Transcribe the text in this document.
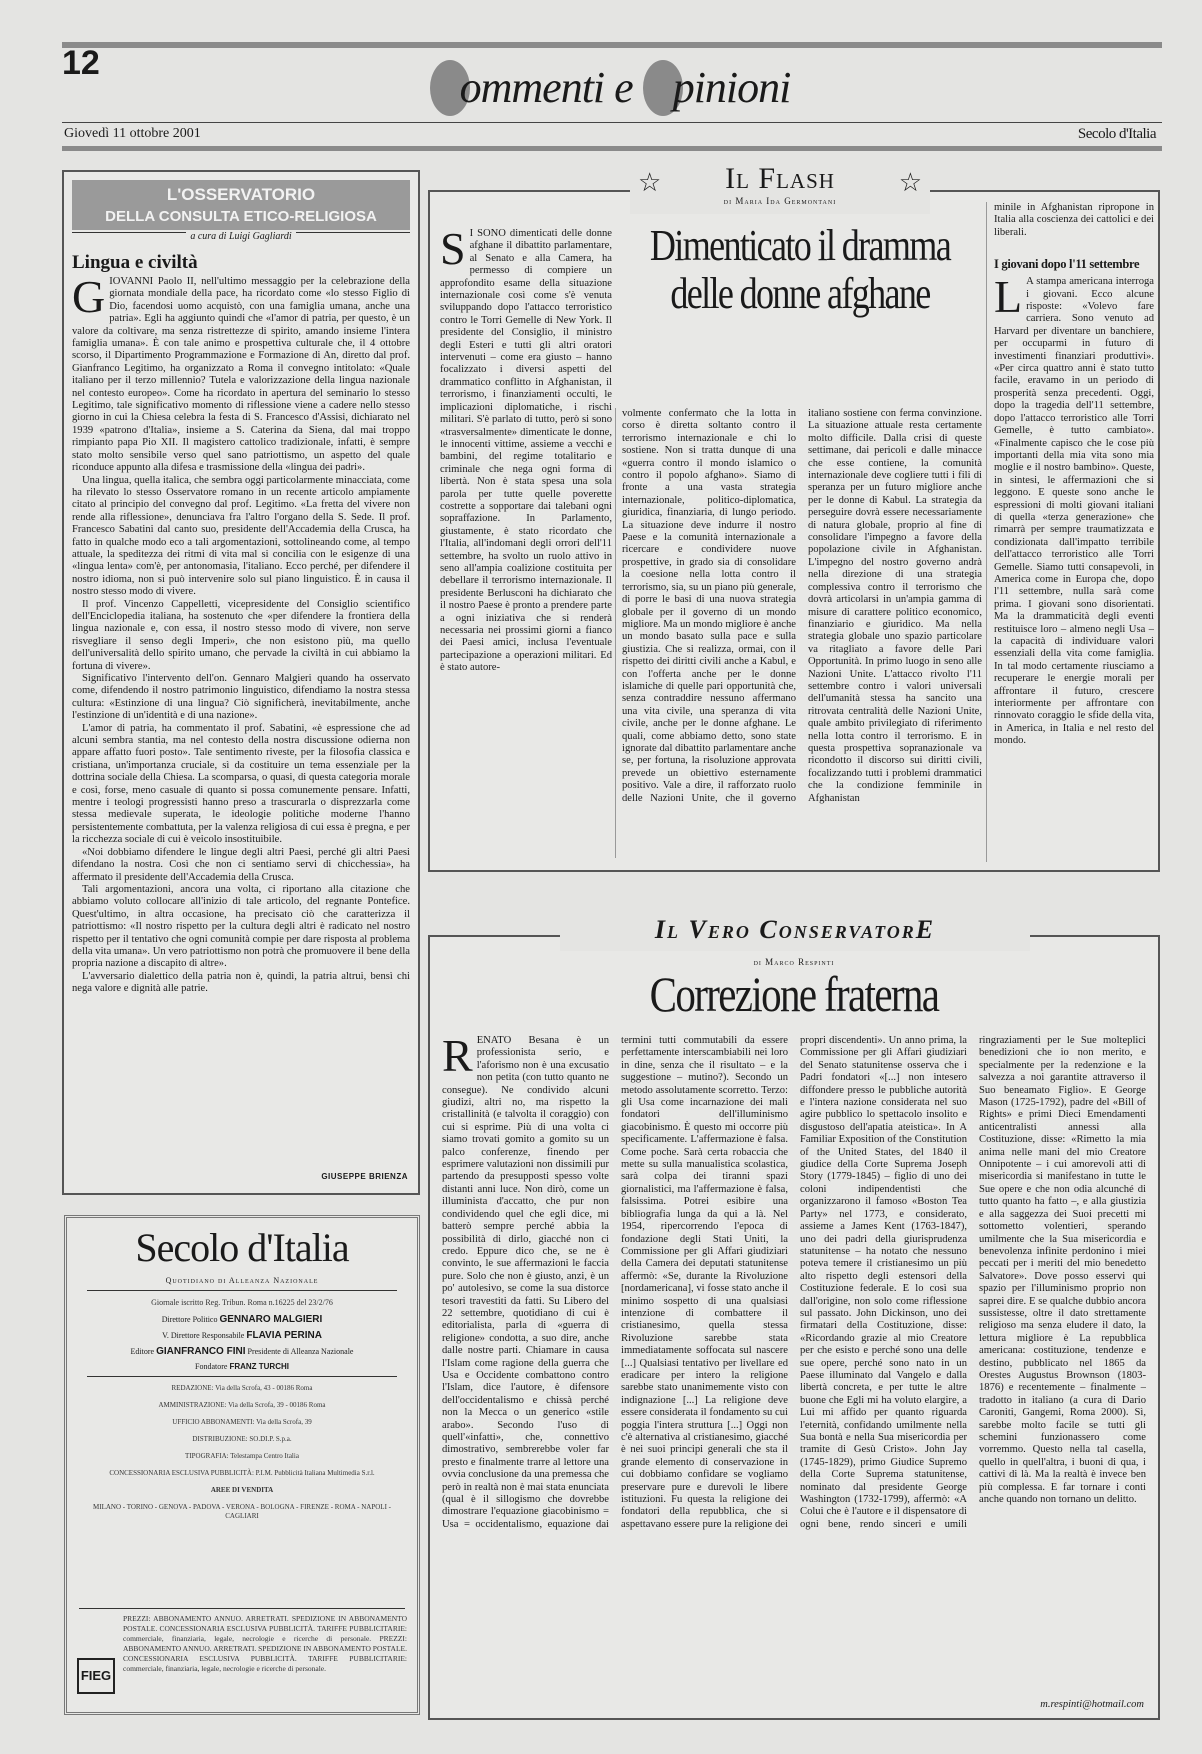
12	ommenti e pinioni
Giovedì 11 ottobre 2001	Secolo d'Italia
L'OSSERVATORIO
DELLA CONSULTA ETICO-RELIGIOSA
a cura di Luigi Gagliardi
Lingua e civiltà
G IOVANNI Paolo II, nell'ultimo messaggio per la celebrazione della giornata mondiale della pace, ha ricordato come «lo stesso Figlio di Dio, facendosi uomo acquistò, con una famiglia umana, anche una patria». Egli ha aggiunto quindi che «l'amor di patria, per questo, è un valore da coltivare, ma senza ristrettezze di spirito, amando insieme l'intera famiglia umana». È con tale animo e prospettiva culturale che, il 4 ottobre scorso, il Dipartimento Programmazione e Formazione di An, diretto dal prof. Gianfranco Legitimo, ha organizzato a Roma il convegno intitolato: «Quale italiano per il terzo millennio? Tutela e valorizzazione della lingua nazionale nel contesto europeo». Come ha ricordato in apertura del seminario lo stesso Legitimo, tale significativo momento di riflessione viene a cadere nello stesso giorno in cui la Chiesa celebra la festa di S. Francesco d'Assisi, dichiarato nel 1939 «patrono d'Italia», insieme a S. Caterina da Siena, dal mai troppo rimpianto papa Pio XII. Il magistero cattolico tradizionale, infatti, è sempre stato molto sensibile verso quel sano patriottismo, un aspetto del quale riconduce appunto alla difesa e trasmissione della «lingua dei padri».

Una lingua, quella italica, che sembra oggi particolarmente minacciata, come ha rilevato lo stesso Osservatore romano in un recente articolo ampiamente citato al principio del convegno dal prof. Legitimo. «La fretta del vivere non rende alla riflessione», denunciava fra l'altro l'organo della S. Sede. Il prof. Francesco Sabatini dal canto suo, presidente dell'Accademia della Crusca, ha fatto in qualche modo eco a tali argomentazioni, sottolineando come, al tempo attuale, la speditezza dei ritmi di vita mal si concilia con le esigenze di una «lingua lenta» com'è, per antonomasia, l'italiano. Ecco perché, per difendere il nostro idioma, non si può intervenire solo sul piano linguistico. È in causa il nostro stesso modo di vivere.

Il prof. Vincenzo Cappelletti, vicepresidente del Consiglio scientifico dell'Enciclopedia italiana, ha sostenuto che «per difendere la frontiera della lingua nazionale e, con essa, il nostro stesso modo di vivere, non serve risvegliare il senso degli Imperi», che non esistono più, ma quello dell'universalità dello spirito umano, che pervade la civiltà in cui abbiamo la fortuna di vivere».

Significativo l'intervento dell'on. Gennaro Malgieri quando ha osservato come, difendendo il nostro patrimonio linguistico, difendiamo la nostra stessa cultura: «Estinzione di una lingua? Ciò significherà, inevitabilmente, anche l'estinzione di un'identità e di una nazione».

L'amor di patria, ha commentato il prof. Sabatini, «è espressione che ad alcuni sembra stantia, ma nel contesto della nostra discussione odierna non appare affatto fuori posto». Tale sentimento riveste, per la filosofia classica e cristiana, un'importanza cruciale, sì da costituire un tema essenziale per la dottrina sociale della Chiesa. La scomparsa, o quasi, di questa categoria morale e così, forse, meno casuale di quanto si possa comunemente pensare. Infatti, mentre i teologi progressisti hanno preso a trascurarla o disprezzarla come stessa medievale superata, le ideologie politiche moderne l'hanno persistentemente combattuta, per la valenza religiosa di cui essa è pregna, e per la ricchezza sociale di cui è veicolo insostituibile.

«Noi dobbiamo difendere le lingue degli altri Paesi, perché gli altri Paesi difendano la nostra. Così che non ci sentiamo servi di chicchessia», ha affermato il presidente dell'Accademia della Crusca.

Tali argomentazioni, ancora una volta, ci riportano alla citazione che abbiamo voluto collocare all'inizio di tale articolo, del regnante Pontefice. Quest'ultimo, in altra occasione, ha precisato ciò che caratterizza il patriottismo: «Il nostro rispetto per la cultura degli altri è radicato nel nostro rispetto per il tentativo che ogni comunità compie per dare risposta al problema della vita umana». Un vero patriottismo non potrà che promuovere il bene della propria nazione a discapito di altre».

L'avversario dialettico della patria non è, quindi, la patria altrui, bensì chi nega valore e dignità alle patrie.

GIUSEPPE BRIENZA
Secolo d'Italia
Quotidiano di Alleanza Nazionale
Giornale iscritto Reg. Tribun. Roma n.16225 del 23/2/76
Direttore Politico GENNARO MALGIERI
V. Direttore Responsabile FLAVIA PERINA
Editore GIANFRANCO FINI Presidente di Alleanza Nazionale
Fondatore FRANZ TURCHI
REDAZIONE: Via della Scrofa, 43 - 00186 Roma
AMMINISTRAZIONE: Via della Scrofa, 39 - 00186 Roma
UFFICIO ABBONAMENTI: Via della Scrofa, 39
DISTRIBUZIONE: SO.DI.P. S.p.a.
TIPOGRAFIA: Telestampa Centro Italia
CONCESSIONARIA ESCLUSIVA PUBBLICITÀ: P.I.M. Pubblicità Italiana Multimedia S.r.l.
AREE DI VENDITA
MILANO - TORINO - GENOVA - PADOVA - VERONA - BOLOGNA - FIRENZE - ROMA - NAPOLI - CAGLIARI
FIEG
PREZZI: ABBONAMENTO ANNUO. ARRETRATI. SPEDIZIONE IN ABBONAMENTO POSTALE. CONCESSIONARIA ESCLUSIVA PUBBLICITÀ. TARIFFE PUBBLICITARIE: commerciale, finanziaria, legale, necrologie e ricerche di personale. PREZZI: ABBONAMENTO ANNUO. ARRETRATI. SPEDIZIONE IN ABBONAMENTO POSTALE. CONCESSIONARIA ESCLUSIVA PUBBLICITÀ. TARIFFE PUBBLICITARIE: commerciale, finanziaria, legale, necrologie e ricerche di personale.
☆ Il Flash ☆
di Maria Ida Germontani
S I SONO dimenticati delle donne afghane il dibattito parlamentare, al Senato e alla Camera, ha permesso di compiere un approfondito esame della situazione internazionale così come s'è venuta sviluppando dopo l'attacco terroristico contro le Torri Gemelle di New York. Il presidente del Consiglio, il ministro degli Esteri e tutti gli altri oratori intervenuti – come era giusto – hanno focalizzato i diversi aspetti del drammatico conflitto in Afghanistan, il terrorismo, i finanziamenti occulti, le implicazioni diplomatiche, i rischi militari. S'è parlato di tutto, però si sono «trasversalmente» dimenticate le donne, le innocenti vittime, assieme a vecchi e bambini, del regime totalitario e criminale che nega ogni forma di libertà. Non è stata spesa una sola parola per tutte quelle poverette costrette a sopportare dai talebani ogni sopraffazione. In Parlamento, giustamente, è stato ricordato che l'Italia, all'indomani degli orrori dell'11 settembre, ha svolto un ruolo attivo in seno all'ampia coalizione costituita per debellare il terrorismo internazionale. Il presidente Berlusconi ha dichiarato che il nostro Paese è pronto a prendere parte a ogni iniziativa che si renderà necessaria nei prossimi giorni a fianco dei Paesi amici, inclusa l'eventuale partecipazione a operazioni militari. Ed è stato autore-
Dimenticato il dramma
delle donne afghane
volmente confermato che la lotta in corso è diretta soltanto contro il terrorismo internazionale e chi lo sostiene. Non si tratta dunque di una «guerra contro il mondo islamico o contro il popolo afghano». Siamo di fronte a una vasta strategia internazionale, politico-diplomatica, giuridica, finanziaria, di lungo periodo. La situazione deve indurre il nostro Paese e la comunità internazionale a ricercare e condividere nuove prospettive, in grado sia di consolidare la coesione nella lotta contro il terrorismo, sia, su un piano più generale, di porre le basi di una nuova strategia globale per il governo di un mondo migliore. Ma un mondo migliore è anche un mondo basato sulla pace e sulla giustizia. Che si realizza, ormai, con il rispetto dei diritti civili anche a Kabul, e con l'offerta anche per le donne islamiche di quelle pari opportunità che, senza contraddire nessuno affermano una vita civile, una speranza di vita civile, anche per le donne afghane. Le quali, come abbiamo detto, sono state ignorate dal dibattito parlamentare anche se, per fortuna, la risoluzione approvata prevede un obiettivo esternamente positivo. Vale a dire, il rafforzato ruolo delle Nazioni Unite, che il governo italiano sostiene con ferma convinzione. La situazione attuale resta certamente molto difficile. Dalla crisi di queste settimane, dai pericoli e dalle minacce che esse contiene, la comunità internazionale deve cogliere tutti i fili di speranza per un futuro migliore anche per le donne di Kabul. La strategia da perseguire dovrà essere necessariamente di natura globale, proprio al fine di consolidare l'impegno a favore della popolazione civile in Afghanistan. L'impegno del nostro governo andrà nella direzione di una strategia complessiva contro il terrorismo che dovrà articolarsi in un'ampia gamma di misure di carattere politico economico, finanziario e giuridico. Ma nella strategia globale uno spazio particolare va ritagliato a favore delle Pari Opportunità. In primo luogo in seno alle Nazioni Unite. L'attacco rivolto l'11 settembre contro i valori universali dell'umanità stessa ha sancito una ritrovata centralità delle Nazioni Unite, quale ambito privilegiato di riferimento nella lotta contro il terrorismo. E in questa prospettiva sopranazionale va ricondotto il discorso sui diritti civili, focalizzando tutti i problemi drammatici che la condizione femminile in Afghanistan
minile in Afghanistan ripropone in Italia alla coscienza dei cattolici e dei liberali.
I giovani dopo l'11 settembre
L A stampa americana interroga i giovani. Ecco alcune risposte: «Volevo fare carriera. Sono venuto ad Harvard per diventare un banchiere, per occuparmi in futuro di investimenti finanziari produttivi». «Per circa quattro anni è stato tutto facile, eravamo in un periodo di prosperità senza precedenti. Oggi, dopo la tragedia dell'11 settembre, dopo l'attacco terroristico alle Torri Gemelle, è tutto cambiato». «Finalmente capisco che le cose più importanti della mia vita sono mia moglie e il nostro bambino». Queste, in sintesi, le affermazioni che si leggono. E queste sono anche le espressioni di molti giovani italiani di quella «terza generazione» che rimarrà per sempre traumatizzata e condizionata dall'impatto terribile dell'attacco terroristico alle Torri Gemelle. Siamo tutti consapevoli, in America come in Europa che, dopo l'11 settembre, nulla sarà come prima. I giovani sono disorientati. Ma la drammaticità degli eventi restituisce loro – almeno negli Usa – la capacità di individuare valori essenziali della vita come famiglia. In tal modo certamente riusciamo a recuperare le energie morali per affrontare il futuro, crescere interiormente per affrontare con rinnovato coraggio le sfide della vita, in America, in Italia e nel resto del mondo.
Il Vero ConservatorE
di Marco Respinti
Correzione fraterna
RENATO Besana è un professionista serio, e l'aforismo non è una excusatio non petita (con tutto quanto ne consegue). Ne condivido alcuni giudizi, altri no, ma rispetto la cristallinità (e talvolta il coraggio) con cui si esprime. Più di una volta ci siamo trovati gomito a gomito su un palco conferenze, finendo per esprimere valutazioni non dissimili pur partendo da presupposti spesso volte distanti anni luce. Non dirò, come un illuminista d'accatto, che pur non condividendo quel che egli dice, mi batterò sempre perché abbia la possibilità di dirlo, giacché non ci credo. Eppure dico che, se ne è convinto, le sue affermazioni le faccia pure. Solo che non è giusto, anzi, è un po' autolesivo, se come la sua distorce tesori travestiti da fatti. Su Libero del 22 settembre, quotidiano di cui è editorialista, parla di «guerra di religione» condotta, a suo dire, anche dalle nostre parti. Chiamare in causa l'Islam come ragione della guerra che Usa e Occidente combattono contro l'Islam, dice l'autore, è difensore dell'occidentalismo e chissà perché non la Mecca o un generico «stile arabo». Secondo l'uso di quell'«infatti», che, connettivo dimostrativo, sembrerebbe voler far presto e finalmente trarre al lettore una ovvia conclusione da una premessa che però in realtà non è mai stata enunciata (qual è il sillogismo che dovrebbe dimostrare l'equazione giacobinismo = Usa = occidentalismo, equazione dai termini tutti commutabili da essere perfettamente interscambiabili nei loro in dine, senza che il risultato – e la suggestione – mutino?). Secondo un metodo assolutamente scorretto. Terzo: gli Usa come incarnazione dei mali fondatori dell'illuminismo giacobinismo. È questo mi occorre più specificamente. L'affermazione è falsa. Come poche. Sarà certa robaccia che mette su sulla manualistica scolastica, sarà colpa dei tiranni spazi giornalistici, ma l'affermazione è falsa, falsissima. Potrei esibire una bibliografia lunga da qui a là. Nel 1954, ripercorrendo l'epoca di fondazione degli Stati Uniti, la Commissione per gli Affari giudiziari della Camera dei deputati statunitense affermò: «Se, durante la Rivoluzione [nordamericana], vi fosse stato anche il minimo sospetto di una qualsiasi intenzione di combattere il cristianesimo, quella stessa Rivoluzione sarebbe stata immediatamente soffocata sul nascere [...] Qualsiasi tentativo per livellare ed eradicare per intero la religione sarebbe stato unanimemente visto con indignazione [...] La religione deve essere considerata il fondamento su cui poggia l'intera struttura [...] Oggi non c'è alternativa al cristianesimo, giacché è nei suoi principi generali che sta il grande elemento di conservazione in cui dobbiamo confidare se vogliamo preservare pure e durevoli le libere istituzioni. Fu questa la religione dei fondatori della repubblica, che si aspettavano essere pure la religione dei propri discendenti». Un anno prima, la Commissione per gli Affari giudiziari del Senato statunitense osserva che i Padri fondatori «[...] non intesero diffondere presso le pubbliche autorità e l'intera nazione considerata nel suo agire pubblico lo spettacolo insolito e disgustoso dell'apatia ateistica». In A Familiar Exposition of the Constitution of the United States, del 1840 il giudice della Corte Suprema Joseph Story (1779-1845) – figlio di uno dei coloni indipendentisti che organizzarono il famoso «Boston Tea Party» nel 1773, e considerato, assieme a James Kent (1763-1847), uno dei padri della giurisprudenza statunitense – ha notato che nessuno poteva temere il cristianesimo un più alto rispetto degli estensori della Costituzione federale. E lo così sua dall'origine, non solo come riflessione sul passato. John Dickinson, uno dei firmatari della Costituzione, disse: «Ricordando grazie al mio Creatore per che esisto e perché sono una delle sue opere, perché sono nato in un Paese illuminato dal Vangelo e dalla libertà concreta, e per tutte le altre buone che Egli mi ha voluto elargire, a Lui mi affido per quanto riguarda l'eternità, confidando umilmente nella Sua bontà e nella Sua misericordia per tramite di Gesù Cristo». John Jay (1745-1829), primo Giudice Supremo della Corte Suprema statunitense, nominato dal presidente George Washington (1732-1799), affermò: «A Colui che è l'autore e il dispensatore di ogni bene, rendo sinceri e umili ringraziamenti per le Sue molteplici benedizioni che io non merito, e specialmente per la redenzione e la salvezza a noi garantite attraverso il Suo beneamato Figlio». E George Mason (1725-1792), padre del «Bill of Rights» e primi Dieci Emendamenti anticentralisti annessi alla Costituzione, disse: «Rimetto la mia anima nelle mani del mio Creatore Onnipotente – i cui amorevoli atti di misericordia si manifestano in tutte le Sue opere e che non odia alcunché di tutto quanto ha fatto –, e alla giustizia e alla saggezza dei Suoi precetti mi sottometto volentieri, sperando umilmente che la Sua misericordia e benevolenza infinite perdonino i miei peccati per i meriti del mio benedetto Salvatore». Dove posso esservi qui spazio per l'illuminismo proprio non saprei dire. E se qualche dubbio ancora sussistesse, oltre il dato strettamente religioso ma senza eludere il dato, la lettura migliore è La repubblica americana: costituzione, tendenze e destino, pubblicato nel 1865 da Orestes Augustus Brownson (1803-1876) e recentemente – finalmente – tradotto in italiano (a cura di Dario Caroniti, Gangemi, Roma 2000). Sì, sarebbe molto facile se tutti gli schemini funzionassero come vorremmo. Questo nella tal casella, quello in quell'altra, i buoni di qua, i cattivi di là. Ma la realtà è invece ben più complessa. E far tornare i conti anche quando non tornano un delitto.
m.respinti@hotmail.com
